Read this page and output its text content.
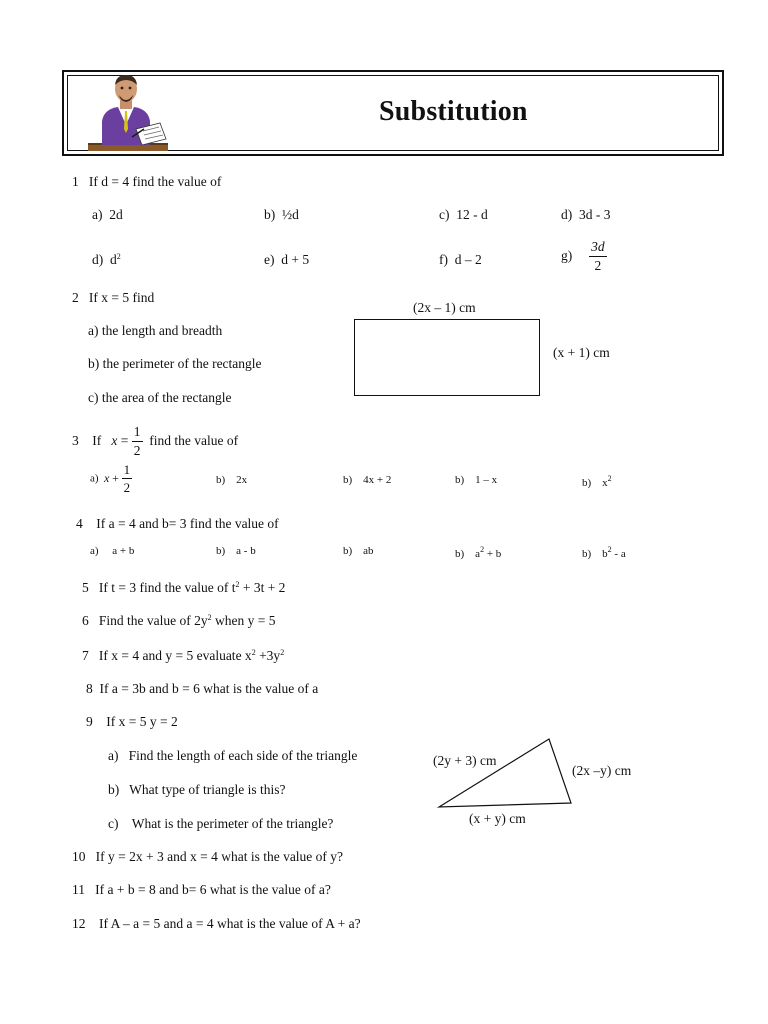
Substitution
1 If d = 4 find the value of
a) 2d	b) ½d	c) 12 - d	d) 3d - 3
d) $d^2$	e) d + 5	f) d – 2	$g) \frac{3d}{2}$
2 If x = 5 find
a) the length and breadth
b) the perimeter of the rectangle
c) the area of the rectangle
(2x – 1) cm
(x + 1) cm
3 If $x = \frac{1}{2}$ find the value of
a) $x + \frac{1}{2}$	b) 2x	b) 4x + 2	b) 1 – x	b) $x^2$
4 If a = 4 and b= 3 find the value of
a) a + b	b) a - b	b) ab	b) $a^2 + b$	b) $b^2$ - a
5 If t = 3 find the value of $t^2 + 3t + 2$
6 Find the value of $2y^2$ when y = 5
7 If x = 4 and y = 5 evaluate $x^2 +3y^2$
8 If a = 3b and b = 6 what is the value of a
9 If x = 5 y = 2
a) Find the length of each side of the triangle
b) What type of triangle is this?
c) What is the perimeter of the triangle?
(2y + 3) cm
(2x –y) cm
(x + y) cm
10 If y = 2x + 3 and x = 4 what is the value of y?
11 If a + b = 8 and b= 6 what is the value of a?
12 If A – a = 5 and a = 4 what is the value of A + a?
